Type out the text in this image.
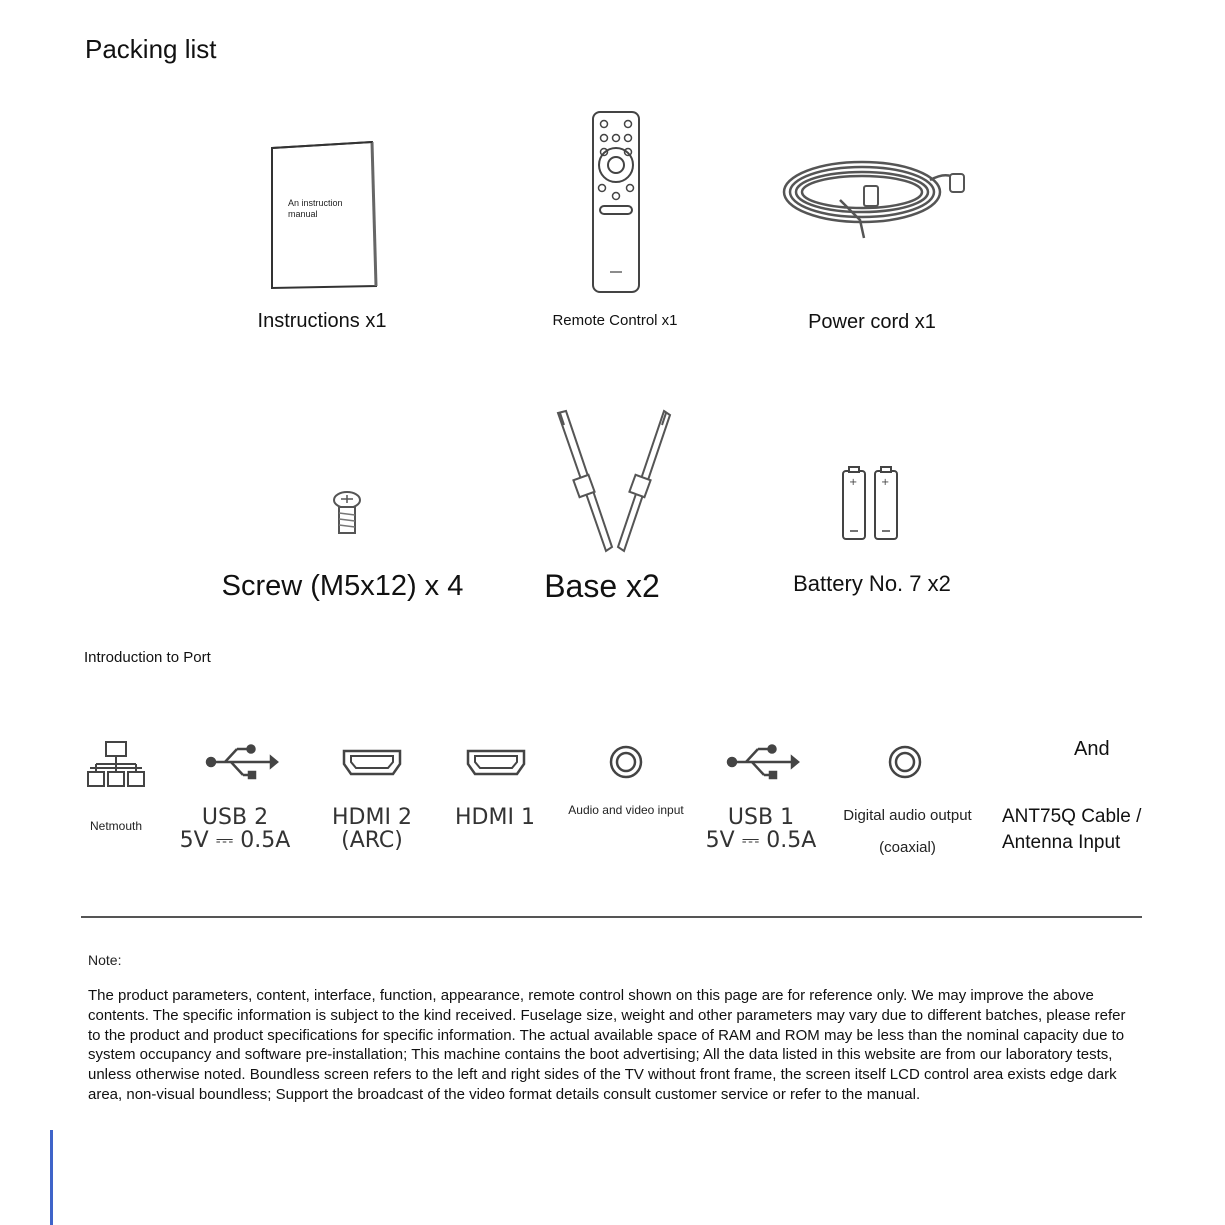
Packing list
An instruction manual
Instructions x1	Remote Control x1	Power cord x1
Screw (M5x12) x 4	Base x2
+ +
Battery No. 7 x2
Introduction to Port
Netmouth	USB 2
5V ⎓ 0.5A
HDMI 2
(ARC)
HDMI 1	Audio and video input	USB 1
5V ⎓ 0.5A
Digital audio output
(coaxial)
And
ANT75Q Cable /
Antenna Input
Note:
The product parameters, content, interface, function, appearance, remote control shown on this page are for reference only. We may improve the above contents. The specific information is subject to the kind received. Fuselage size, weight and other parameters may vary due to different batches, please refer to the product and product specifications for specific information. The actual available space of RAM and ROM may be less than the nominal capacity due to system occupancy and software pre-installation; This machine contains the boot advertising; All the data listed in this website are from our laboratory tests, unless otherwise noted. Boundless screen refers to the left and right sides of the TV without front frame, the screen itself LCD control area exists edge dark area, non-visual boundless; Support the broadcast of the video format details consult customer service or refer to the manual.
